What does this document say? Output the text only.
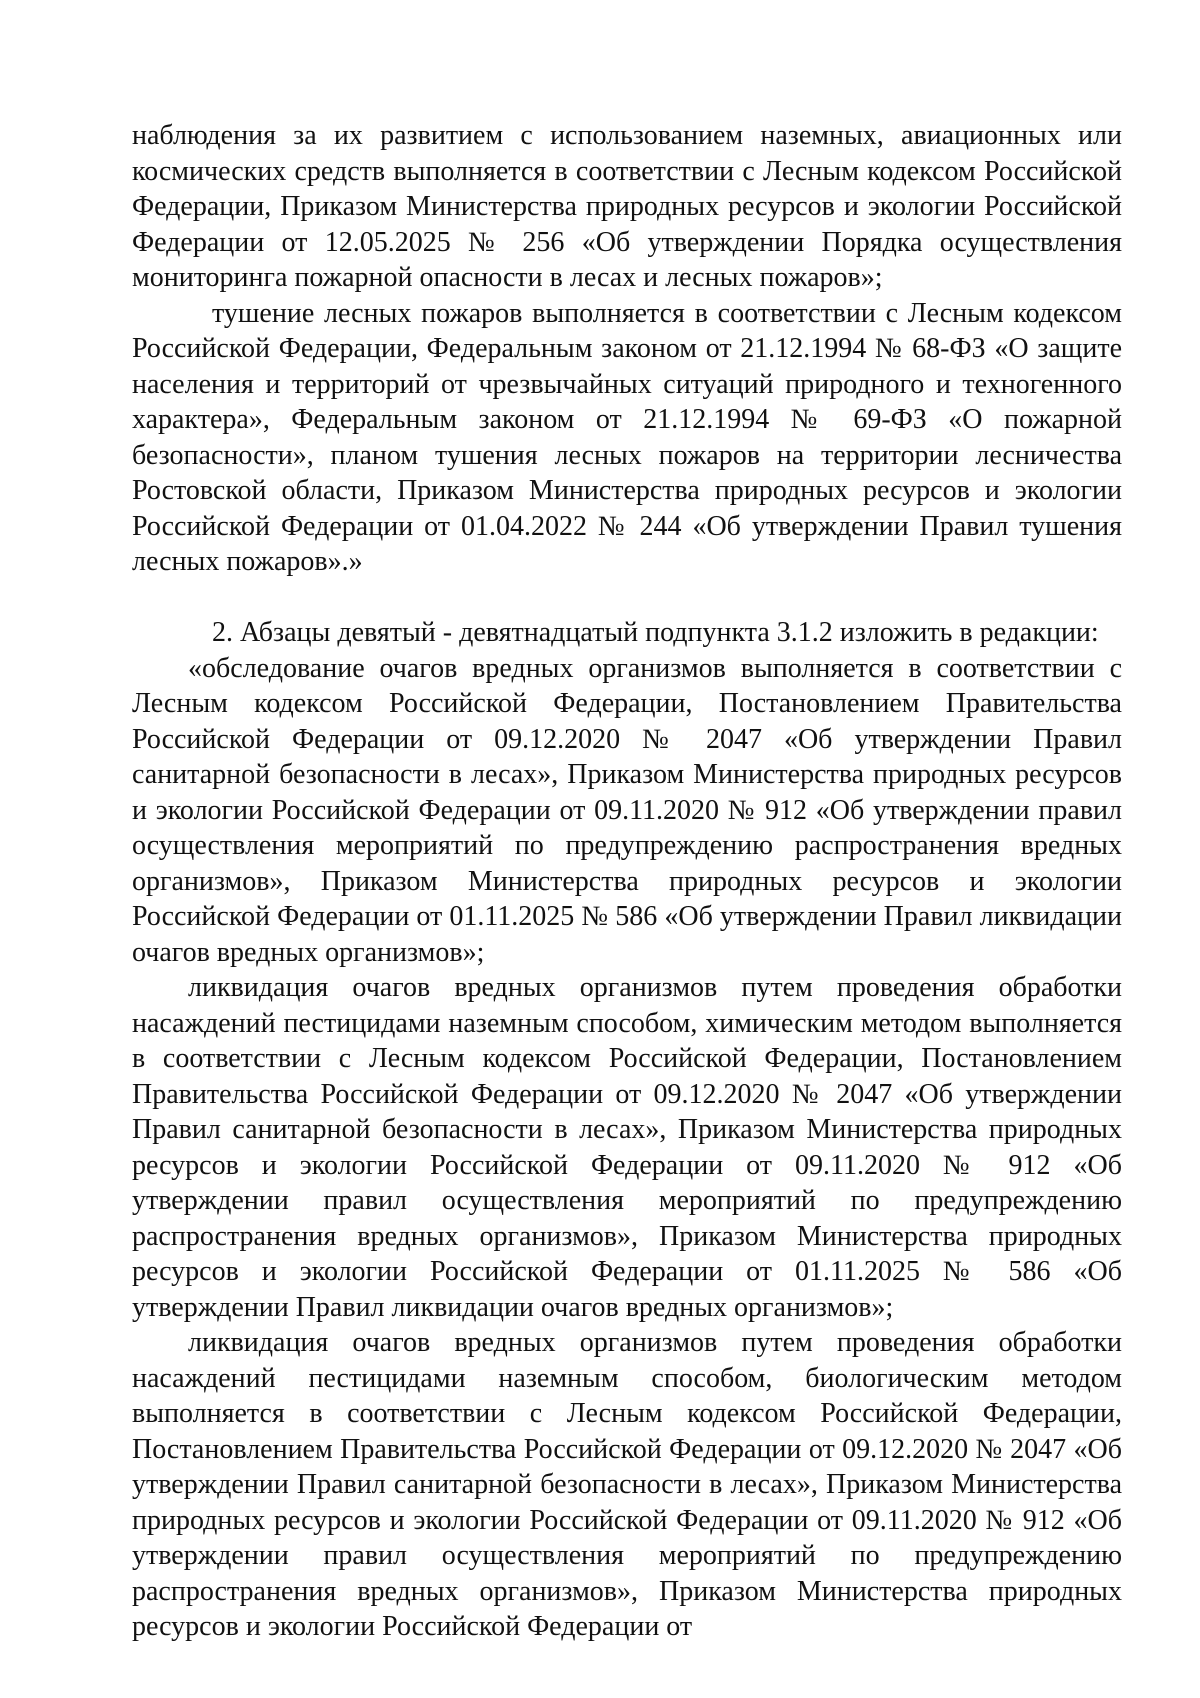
наблюдения за их развитием с использованием наземных, авиационных или космических средств выполняется в соответствии с Лесным кодексом Российской Федерации, Приказом Министерства природных ресурсов и экологии Российской Федерации от 12.05.2025 № 256 «Об утверждении Порядка осуществления мониторинга пожарной опасности в лесах и лесных пожаров»;

тушение лесных пожаров выполняется в соответствии с Лесным кодексом Российской Федерации, Федеральным законом от 21.12.1994 № 68-ФЗ «О защите населения и территорий от чрезвычайных ситуаций природного и техногенного характера», Федеральным законом от 21.12.1994 № 69-ФЗ «О пожарной безопасности», планом тушения лесных пожаров на территории лесничества Ростовской области, Приказом Министерства природных ресурсов и экологии Российской Федерации от 01.04.2022 № 244 «Об утверждении Правил тушения лесных пожаров».»

2. Абзацы девятый - девятнадцатый подпункта 3.1.2 изложить в редакции:

«обследование очагов вредных организмов выполняется в соответствии с Лесным кодексом Российской Федерации, Постановлением Правительства Российской Федерации от 09.12.2020 № 2047 «Об утверждении Правил санитарной безопасности в лесах», Приказом Министерства природных ресурсов и экологии Российской Федерации от 09.11.2020 № 912 «Об утверждении правил осуществления мероприятий по предупреждению распространения вредных организмов», Приказом Министерства природных ресурсов и экологии Российской Федерации от 01.11.2025 № 586 «Об утверждении Правил ликвидации очагов вредных организмов»;

ликвидация очагов вредных организмов путем проведения обработки насаждений пестицидами наземным способом, химическим методом выполняется в соответствии с Лесным кодексом Российской Федерации, Постановлением Правительства Российской Федерации от 09.12.2020 № 2047 «Об утверждении Правил санитарной безопасности в лесах», Приказом Министерства природных ресурсов и экологии Российской Федерации от 09.11.2020 № 912 «Об утверждении правил осуществления мероприятий по предупреждению распространения вредных организмов», Приказом Министерства природных ресурсов и экологии Российской Федерации от 01.11.2025 № 586 «Об утверждении Правил ликвидации очагов вредных организмов»;

ликвидация очагов вредных организмов путем проведения обработки насаждений пестицидами наземным способом, биологическим методом выполняется в соответствии с Лесным кодексом Российской Федерации, Постановлением Правительства Российской Федерации от 09.12.2020 № 2047 «Об утверждении Правил санитарной безопасности в лесах», Приказом Министерства природных ресурсов и экологии Российской Федерации от 09.11.2020 № 912 «Об утверждении правил осуществления мероприятий по предупреждению распространения вредных организмов», Приказом Министерства природных ресурсов и экологии Российской Федерации от
